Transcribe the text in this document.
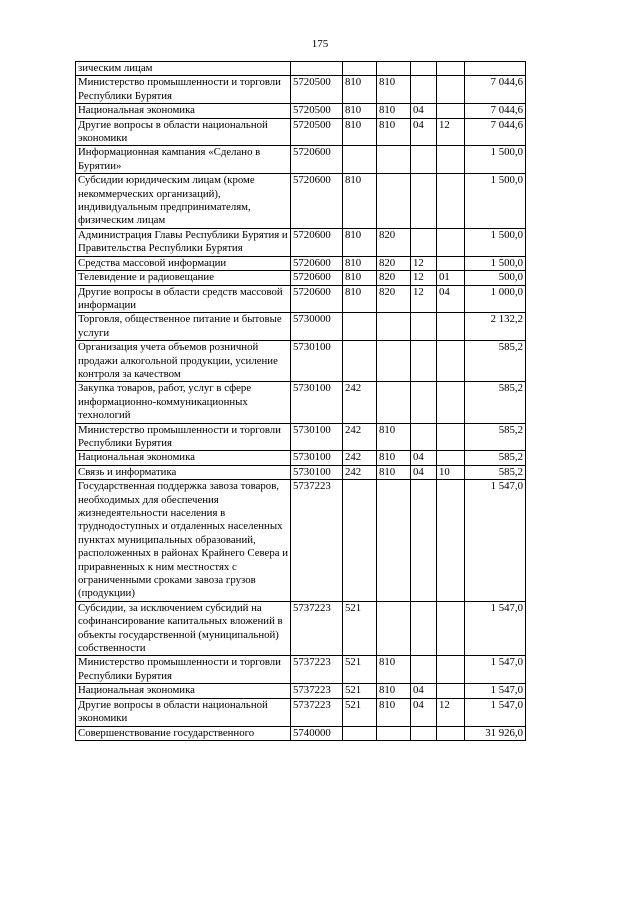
175
зическим лицам						
Министерство промышленности и торговли Республики Бурятия	5720500	810	810			7 044,6
Национальная экономика	5720500	810	810	04		7 044,6
Другие вопросы в области национальной экономики	5720500	810	810	04	12	7 044,6
Информационная кампания «Сделано в Бурятии»	5720600					1 500,0
Субсидии юридическим лицам (кроме некоммерческих организаций), индивидуальным предпринимателям, физическим лицам	5720600	810				1 500,0
Администрация Главы Республики Бурятия и Правительства Республики Бурятия	5720600	810	820			1 500,0
Средства массовой информации	5720600	810	820	12		1 500,0
Телевидение и радиовещание	5720600	810	820	12	01	500,0
Другие вопросы в области средств массовой информации	5720600	810	820	12	04	1 000,0
Торговля, общественное питание и бытовые услуги	5730000					2 132,2
Организация учета объемов розничной продажи алкогольной продукции, усиление контроля за качеством	5730100					585,2
Закупка товаров, работ, услуг в сфере информационно-коммуникационных технологий	5730100	242				585,2
Министерство промышленности и торговли Республики Бурятия	5730100	242	810			585,2
Национальная экономика	5730100	242	810	04		585,2
Связь и информатика	5730100	242	810	04	10	585,2
Государственная поддержка завоза товаров, необходимых для обеспечения жизнедеятельности населения в труднодоступных и отдаленных населенных пунктах муниципальных образований, расположенных в районах Крайнего Севера и приравненных к ним местностях с ограниченными сроками завоза грузов (продукции)	5737223					1 547,0
Субсидии, за исключением субсидий на софинансирование капитальных вложений в объекты государственной (муниципальной) собственности	5737223	521				1 547,0
Министерство промышленности и торговли Республики Бурятия	5737223	521	810			1 547,0
Национальная экономика	5737223	521	810	04		1 547,0
Другие вопросы в области национальной экономики	5737223	521	810	04	12	1 547,0
Совершенствование государственного	5740000					31 926,0
